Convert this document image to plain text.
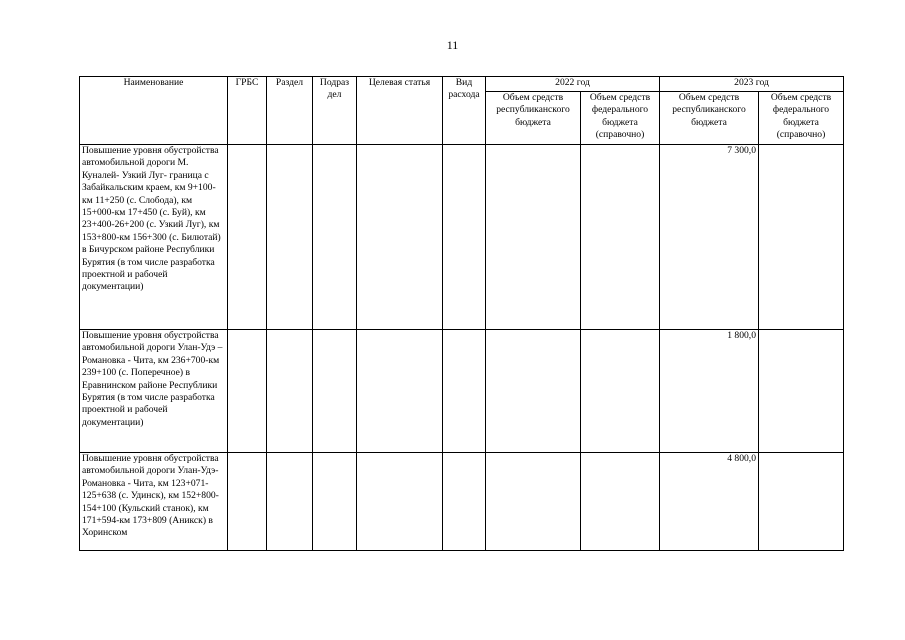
11
Наименование	ГРБС	Раздел	Подраз дел	Целевая статья	Вид расхода	2022 год		2023 год	
						Объем средств республиканского бюджета	Объем средств федерального бюджета (справочно)	Объем средств республиканского бюджета	Объем средств федерального бюджета (справочно)
Повышение уровня обустройства автомобильной дороги М. Куналей- Узкий Луг- граница с Забайкальским краем, км 9+100-км 11+250 (с. Слобода), км 15+000-км 17+450 (с. Буй), км 23+400-26+200 (с. Узкий Луг), км 153+800-км 156+300 (с. Билютай) в Бичурском районе Республики Бурятия (в том числе разработка проектной и рабочей документации)								7 300,0	
Повышение уровня обустройства автомобильной дороги Улан-Удэ – Романовка - Чита, км 236+700-км 239+100 (с. Поперечное) в Еравнинском районе Республики Бурятия (в том числе разработка проектной и рабочей документации)								1 800,0	
Повышение уровня обустройства автомобильной дороги Улан-Удэ-Романовка - Чита, км 123+071-125+638 (с. Удинск), км 152+800-154+100 (Кульский станок), км 171+594-км 173+809 (Аникск) в Хоринском								4 800,0	
